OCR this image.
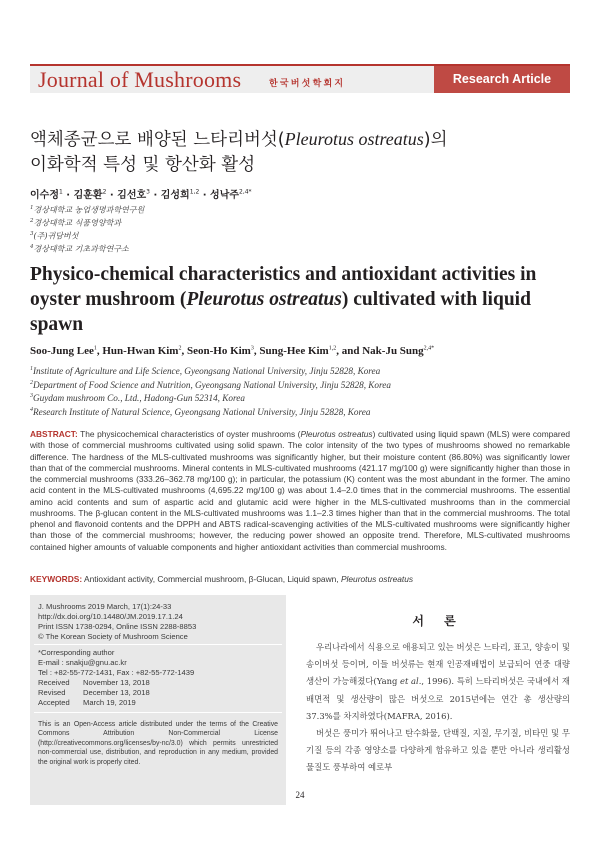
Journal of Mushrooms	한국버섯학회지	Research Article
액체종균으로 배양된 느타리버섯(Pleurotus ostreatus)의
이화학적 특성 및 항산화 활성
이수정$^1$ · 김훈환$^2$ · 김선호$^3$ · 김성희$^{1,2}$ · 성낙주$^{2,4*}$
$^1$경상대학교 농업생명과학연구원
$^2$경상대학교 식품영양학과
$^3$(주)귀담버섯
$^4$경상대학교 기초과학연구소
Physico-chemical characteristics and antioxidant activities in
oyster mushroom (Pleurotus ostreatus) cultivated with liquid
spawn
Soo-Jung Lee$^1$, Hun-Hwan Kim$^2$, Seon-Ho Kim$^3$, Sung-Hee Kim$^{1,2}$, and Nak-Ju Sung$^{2,4*}$
$^1$Institute of Agriculture and Life Science, Gyeongsang National University, Jinju 52828, Korea
$^2$Department of Food Science and Nutrition, Gyeongsang National University, Jinju 52828, Korea
$^3$Guydam mushroom Co., Ltd., Hadong-Gun 52314, Korea
$^4$Research Institute of Natural Science, Gyeongsang National University, Jinju 52828, Korea
ABSTRACT: The physicochemical characteristics of oyster mushrooms (Pleurotus ostreatus) cultivated using liquid spawn (MLS) were compared with those of commercial mushrooms cultivated using solid spawn. The color intensity of the two types of mushrooms showed no remarkable difference. The hardness of the MLS-cultivated mushrooms was significantly higher, but their moisture content (86.80%) was significantly lower than that of the commercial mushrooms. Mineral contents in MLS-cultivated mushrooms (421.17 mg/100 g) were significantly higher than those in the commercial mushrooms (333.26–362.78 mg/100 g); in particular, the potassium (K) content was the most abundant in the former. The amino acid content in the MLS-cultivated mushrooms (4,695.22 mg/100 g) was about 1.4–2.0 times that in the commercial mushrooms. The essential amino acid contents and sum of aspartic acid and glutamic acid were higher in the MLS-cultivated mushrooms than in the commercial mushrooms. The β-glucan content in the MLS-cultivated mushrooms was 1.1–2.3 times higher than that in the commercial mushrooms. The total phenol and flavonoid contents and the DPPH and ABTS radical-scavenging activities of the MLS-cultivated mushrooms were significantly higher than those of the commercial mushrooms; however, the reducing power showed an opposite trend. Therefore, MLS-cultivated mushrooms contained higher amounts of valuable components and higher antioxidant activities than commercial mushrooms.
KEYWORDS: Antioxidant activity, Commercial mushroom, β-Glucan, Liquid spawn, Pleurotus ostreatus
J. Mushrooms 2019 March, 17(1):24-33
http://dx.doi.org/10.14480/JM.2019.17.1.24
Print ISSN 1738-0294, Online ISSN 2288-8853
© The Korean Society of Mushroom Science
*Corresponding author
E-mail : snakju@gnu.ac.kr
Tel : +82-55-772-1431, Fax : +82-55-772-1439
Received	November 13, 2018
Revised	December 13, 2018
Accepted	March 19, 2019
This is an Open-Access article distributed under the terms of the Creative Commons Attribution Non-Commercial License (http://creativecommons.org/licenses/by-nc/3.0) which permits unrestricted non-commercial use, distribution, and reproduction in any medium, provided the original work is properly cited.
서 론

우리나라에서 식용으로 애용되고 있는 버섯은 느타리, 표고, 양송이 및 송이버섯 등이며, 이들 버섯류는 현재 인공재배법이 보급되어 연중 대량생산이 가능해졌다(Yang et al., 1996). 특히 느타리버섯은 국내에서 재배면적 및 생산량이 많은 버섯으로 2015년에는 연간 총 생산량의 37.3%를 차지하였다(MAFRA, 2016).

버섯은 풍미가 뛰어나고 탄수화물, 단백질, 지질, 무기질, 비타민 및 무기질 등의 각종 영양소를 다양하게 함유하고 있을 뿐만 아니라 생리활성 물질도 풍부하여 예로부

24
